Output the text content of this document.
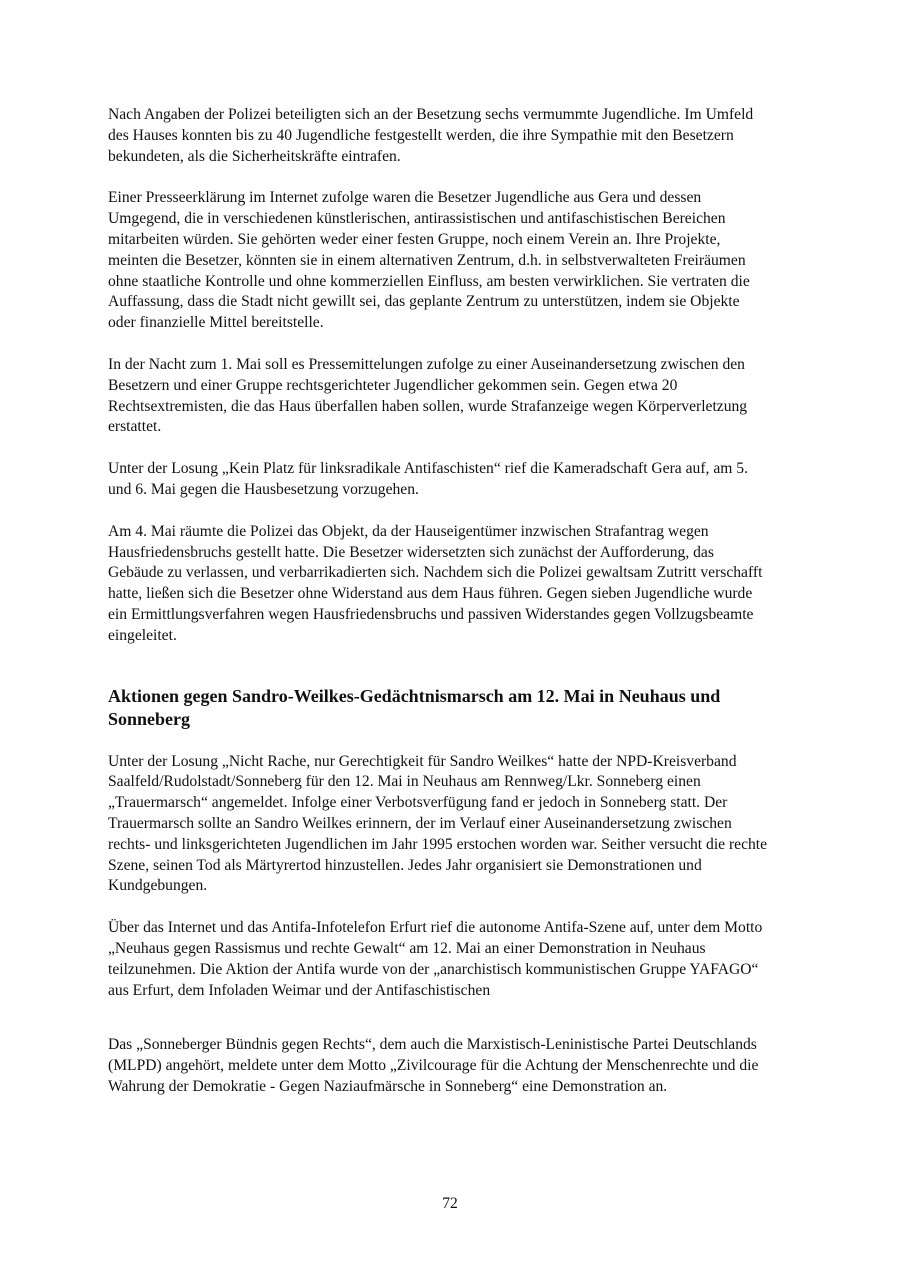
Nach Angaben der Polizei beteiligten sich an der Besetzung sechs vermummte Jugendliche. Im Umfeld des Hauses konnten bis zu 40 Jugendliche festgestellt werden, die ihre Sympathie mit den Besetzern bekundeten, als die Sicherheitskräfte eintrafen.

Einer Presseerklärung im Internet zufolge waren die Besetzer Jugendliche aus Gera und dessen Umgegend, die in verschiedenen künstlerischen, antirassistischen und antifaschistischen Bereichen mitarbeiten würden. Sie gehörten weder einer festen Gruppe, noch einem Verein an. Ihre Projekte, meinten die Besetzer, könnten sie in einem alternativen Zentrum, d.h. in selbstverwalteten Freiräumen ohne staatliche Kontrolle und ohne kommerziellen Einfluss, am besten verwirklichen. Sie vertraten die Auffassung, dass die Stadt nicht gewillt sei, das geplante Zentrum zu unterstützen, indem sie Objekte oder finanzielle Mittel bereitstelle.

In der Nacht zum 1. Mai soll es Pressemittelungen zufolge zu einer Auseinandersetzung zwischen den Besetzern und einer Gruppe rechtsgerichteter Jugendlicher gekommen sein. Gegen etwa 20 Rechtsextremisten, die das Haus überfallen haben sollen, wurde Strafanzeige wegen Körperverletzung erstattet.

Unter der Losung „Kein Platz für linksradikale Antifaschisten“ rief die Kameradschaft Gera auf, am 5. und 6. Mai gegen die Hausbesetzung vorzugehen.

Am 4. Mai räumte die Polizei das Objekt, da der Hauseigentümer inzwischen Strafantrag wegen Hausfriedensbruchs gestellt hatte. Die Besetzer widersetzten sich zunächst der Aufforderung, das Gebäude zu verlassen, und verbarrikadierten sich. Nachdem sich die Polizei gewaltsam Zutritt verschafft hatte, ließen sich die Besetzer ohne Widerstand aus dem Haus führen. Gegen sieben Jugendliche wurde ein Ermittlungsverfahren wegen Hausfriedensbruchs und passiven Widerstandes gegen Vollzugsbeamte eingeleitet.

Aktionen gegen Sandro-Weilkes-Gedächtnismarsch am 12. Mai in Neuhaus und Sonneberg

Unter der Losung „Nicht Rache, nur Gerechtigkeit für Sandro Weilkes“ hatte der NPD-Kreisverband Saalfeld/Rudolstadt/Sonneberg für den 12. Mai in Neuhaus am Rennweg/Lkr. Sonneberg einen „Trauermarsch“ angemeldet. Infolge einer Verbotsverfügung fand er jedoch in Sonneberg statt. Der Trauermarsch sollte an Sandro Weilkes erinnern, der im Verlauf einer Auseinandersetzung zwischen rechts- und linksgerichteten Jugendlichen im Jahr 1995 erstochen worden war. Seither versucht die rechte Szene, seinen Tod als Märtyrertod hinzustellen. Jedes Jahr organisiert sie Demonstrationen und Kundgebungen.

Über das Internet und das Antifa-Infotelefon Erfurt rief die autonome Antifa-Szene auf, unter dem Motto „Neuhaus gegen Rassismus und rechte Gewalt“ am 12. Mai an einer Demonstration in Neuhaus teilzunehmen. Die Aktion der Antifa wurde von der „anarchistisch kommunistischen Gruppe YAFAGO“ aus Erfurt, dem Infoladen Weimar und der Antifaschistischen

Das „Sonneberger Bündnis gegen Rechts“, dem auch die Marxistisch-Leninistische Partei Deutschlands (MLPD) angehört, meldete unter dem Motto „Zivilcourage für die Achtung der Menschenrechte und die Wahrung der Demokratie - Gegen Naziaufmärsche in Sonneberg“ eine Demonstration an.

72
